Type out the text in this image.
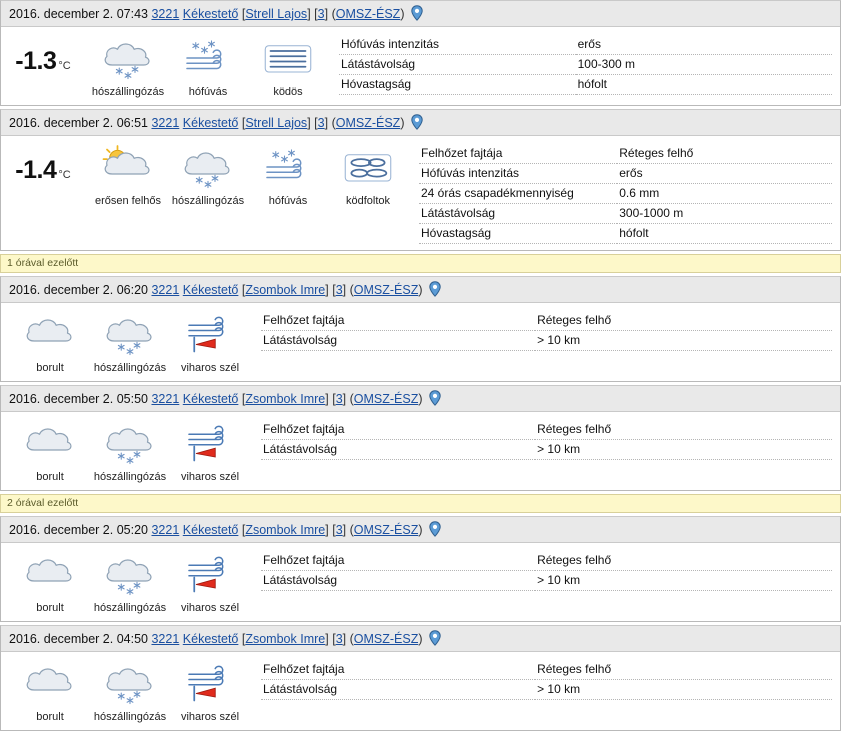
2016. december 2. 07:43 3221 Kékestető [Strell Lajos] [3] (OMSZ-ÉSZ)
-1.3 °C
hószállingózás	hófúvás	ködös
Hófúvás intenzitás	erős
Látástávolság	100-300 m
Hóvastagság	hófolt
2016. december 2. 06:51 3221 Kékestető [Strell Lajos] [3] (OMSZ-ÉSZ)
-1.4 °C
erősen felhős hószállingózás	hófúvás	ködfoltok
Felhőzet fajtája	Réteges felhő
Hófúvás intenzitás	erős
24 órás csapadékmennyiség	0.6 mm
Látástávolság	300-1000 m
Hóvastagság	hófolt
1 órával ezelőtt
2016. december 2. 06:20 3221 Kékestető [Zsombok Imre] [3] (OMSZ-ÉSZ)
borult	hószállingózás	viharos szél
Felhőzet fajtája	Réteges felhő
Látástávolság	> 10 km
2016. december 2. 05:50 3221 Kékestető [Zsombok Imre] [3] (OMSZ-ÉSZ)
borult	hószállingózás	viharos szél
Felhőzet fajtája	Réteges felhő
Látástávolság	> 10 km
2 órával ezelőtt
2016. december 2. 05:20 3221 Kékestető [Zsombok Imre] [3] (OMSZ-ÉSZ)
borult	hószállingózás	viharos szél
Felhőzet fajtája	Réteges felhő
Látástávolság	> 10 km
2016. december 2. 04:50 3221 Kékestető [Zsombok Imre] [3] (OMSZ-ÉSZ)
borult	hószállingózás	viharos szél
Felhőzet fajtája	Réteges felhő
Látástávolság	> 10 km
